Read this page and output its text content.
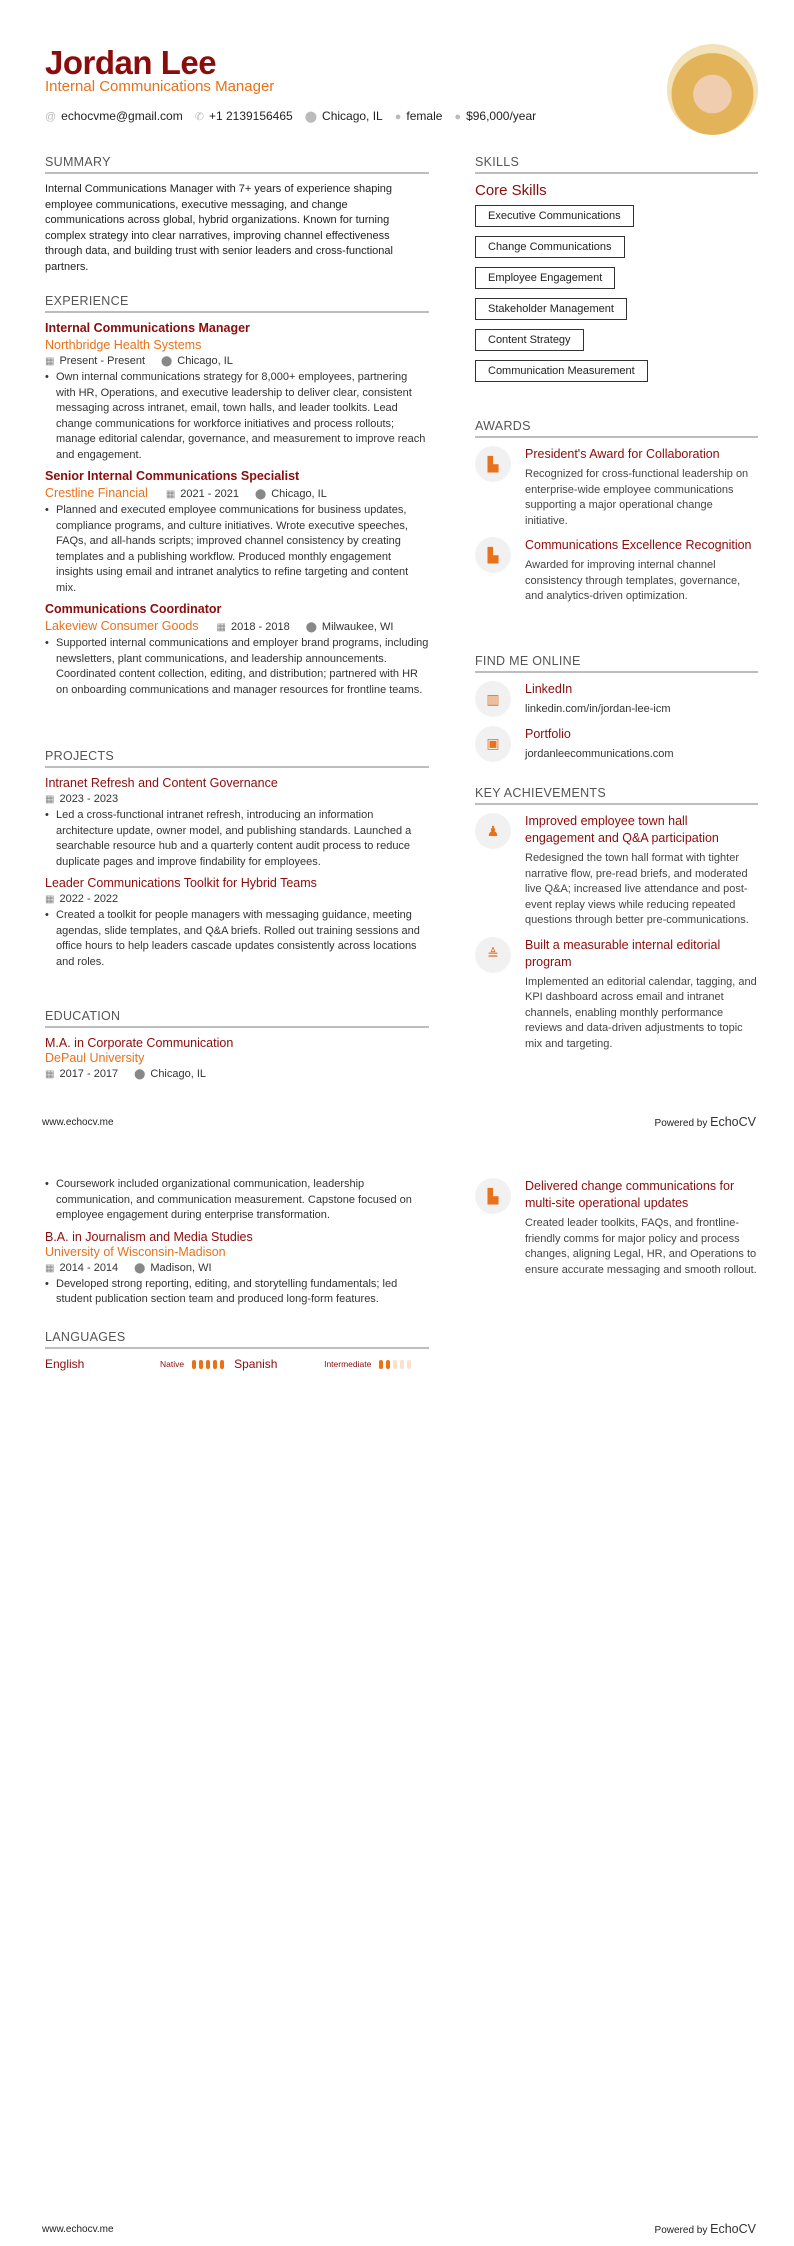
Jordan Lee
Internal Communications Manager
@ echocvme@gmail.com ✆ +1 2139156465 ⬤ Chicago, IL ● female ● $96,000/year
SUMMARY
Internal Communications Manager with 7+ years of experience shaping employee communications, executive messaging, and change communications across global, hybrid organizations. Known for turning complex strategy into clear narratives, improving channel effectiveness through data, and building trust with senior leaders and cross-functional partners.
EXPERIENCE
Internal Communications Manager
Northbridge Health Systems
▦ Present - Present ⬤ Chicago, IL
• Own internal communications strategy for 8,000+ employees, partnering with HR, Operations, and executive leadership to deliver clear, consistent messaging across intranet, email, town halls, and leader toolkits. Lead change communications for workforce initiatives and process rollouts; manage editorial calendar, governance, and measurement to improve reach and engagement.
Senior Internal Communications Specialist
Crestline Financial ▦ 2021 - 2021 ⬤ Chicago, IL
• Planned and executed employee communications for business updates, compliance programs, and culture initiatives. Wrote executive speeches, FAQs, and all-hands scripts; improved channel consistency by creating templates and a publishing workflow. Produced monthly engagement insights using email and intranet analytics to refine targeting and content mix.
Communications Coordinator
Lakeview Consumer Goods ▦ 2018 - 2018 ⬤ Milwaukee, WI
• Supported internal communications and employer brand programs, including newsletters, plant communications, and leadership announcements. Coordinated content collection, editing, and distribution; partnered with HR on onboarding communications and manager resources for frontline teams.
PROJECTS
Intranet Refresh and Content Governance
▦ 2023 - 2023
• Led a cross-functional intranet refresh, introducing an information architecture update, owner model, and publishing standards. Launched a searchable resource hub and a quarterly content audit process to reduce duplicate pages and improve findability for employees.
Leader Communications Toolkit for Hybrid Teams
▦ 2022 - 2022
• Created a toolkit for people managers with messaging guidance, meeting agendas, slide templates, and Q&A briefs. Rolled out training sessions and office hours to help leaders cascade updates consistently across locations and roles.
EDUCATION
M.A. in Corporate Communication
DePaul University
▦ 2017 - 2017 ⬤ Chicago, IL
www.echocv.me	Powered by EchoCV
• Coursework included organizational communication, leadership communication, and communication measurement. Capstone focused on employee engagement during enterprise transformation.
B.A. in Journalism and Media Studies
University of Wisconsin-Madison
▦ 2014 - 2014 ⬤ Madison, WI
• Developed strong reporting, editing, and storytelling fundamentals; led student publication section team and produced long-form features.
LANGUAGES
English	Native	Spanish	Intermediate
www.echocv.me	Powered by EchoCV
SKILLS
Core Skills
Executive Communications
Change Communications
Employee Engagement
Stakeholder Management
Content Strategy
Communication Measurement
AWARDS
▙
President's Award for Collaboration
Recognized for cross-functional leadership on enterprise-wide employee communications supporting a major operational change initiative.
▙
Communications Excellence Recognition
Awarded for improving internal channel consistency through templates, governance, and analytics-driven optimization.
FIND ME ONLINE
▥
LinkedIn
linkedin.com/in/jordan-lee-icm
▣
Portfolio
jordanleecommunications.com
KEY ACHIEVEMENTS
♟
Improved employee town hall engagement and Q&A participation
Redesigned the town hall format with tighter narrative flow, pre-read briefs, and moderated live Q&A; increased live attendance and post-event replay views while reducing repeated questions through better pre-communications.
≜
Built a measurable internal editorial program
Implemented an editorial calendar, tagging, and KPI dashboard across email and intranet channels, enabling monthly performance reviews and data-driven adjustments to topic mix and targeting.
▙
Delivered change communications for multi-site operational updates
Created leader toolkits, FAQs, and frontline-friendly comms for major policy and process changes, aligning Legal, HR, and Operations to ensure accurate messaging and smooth rollout.
